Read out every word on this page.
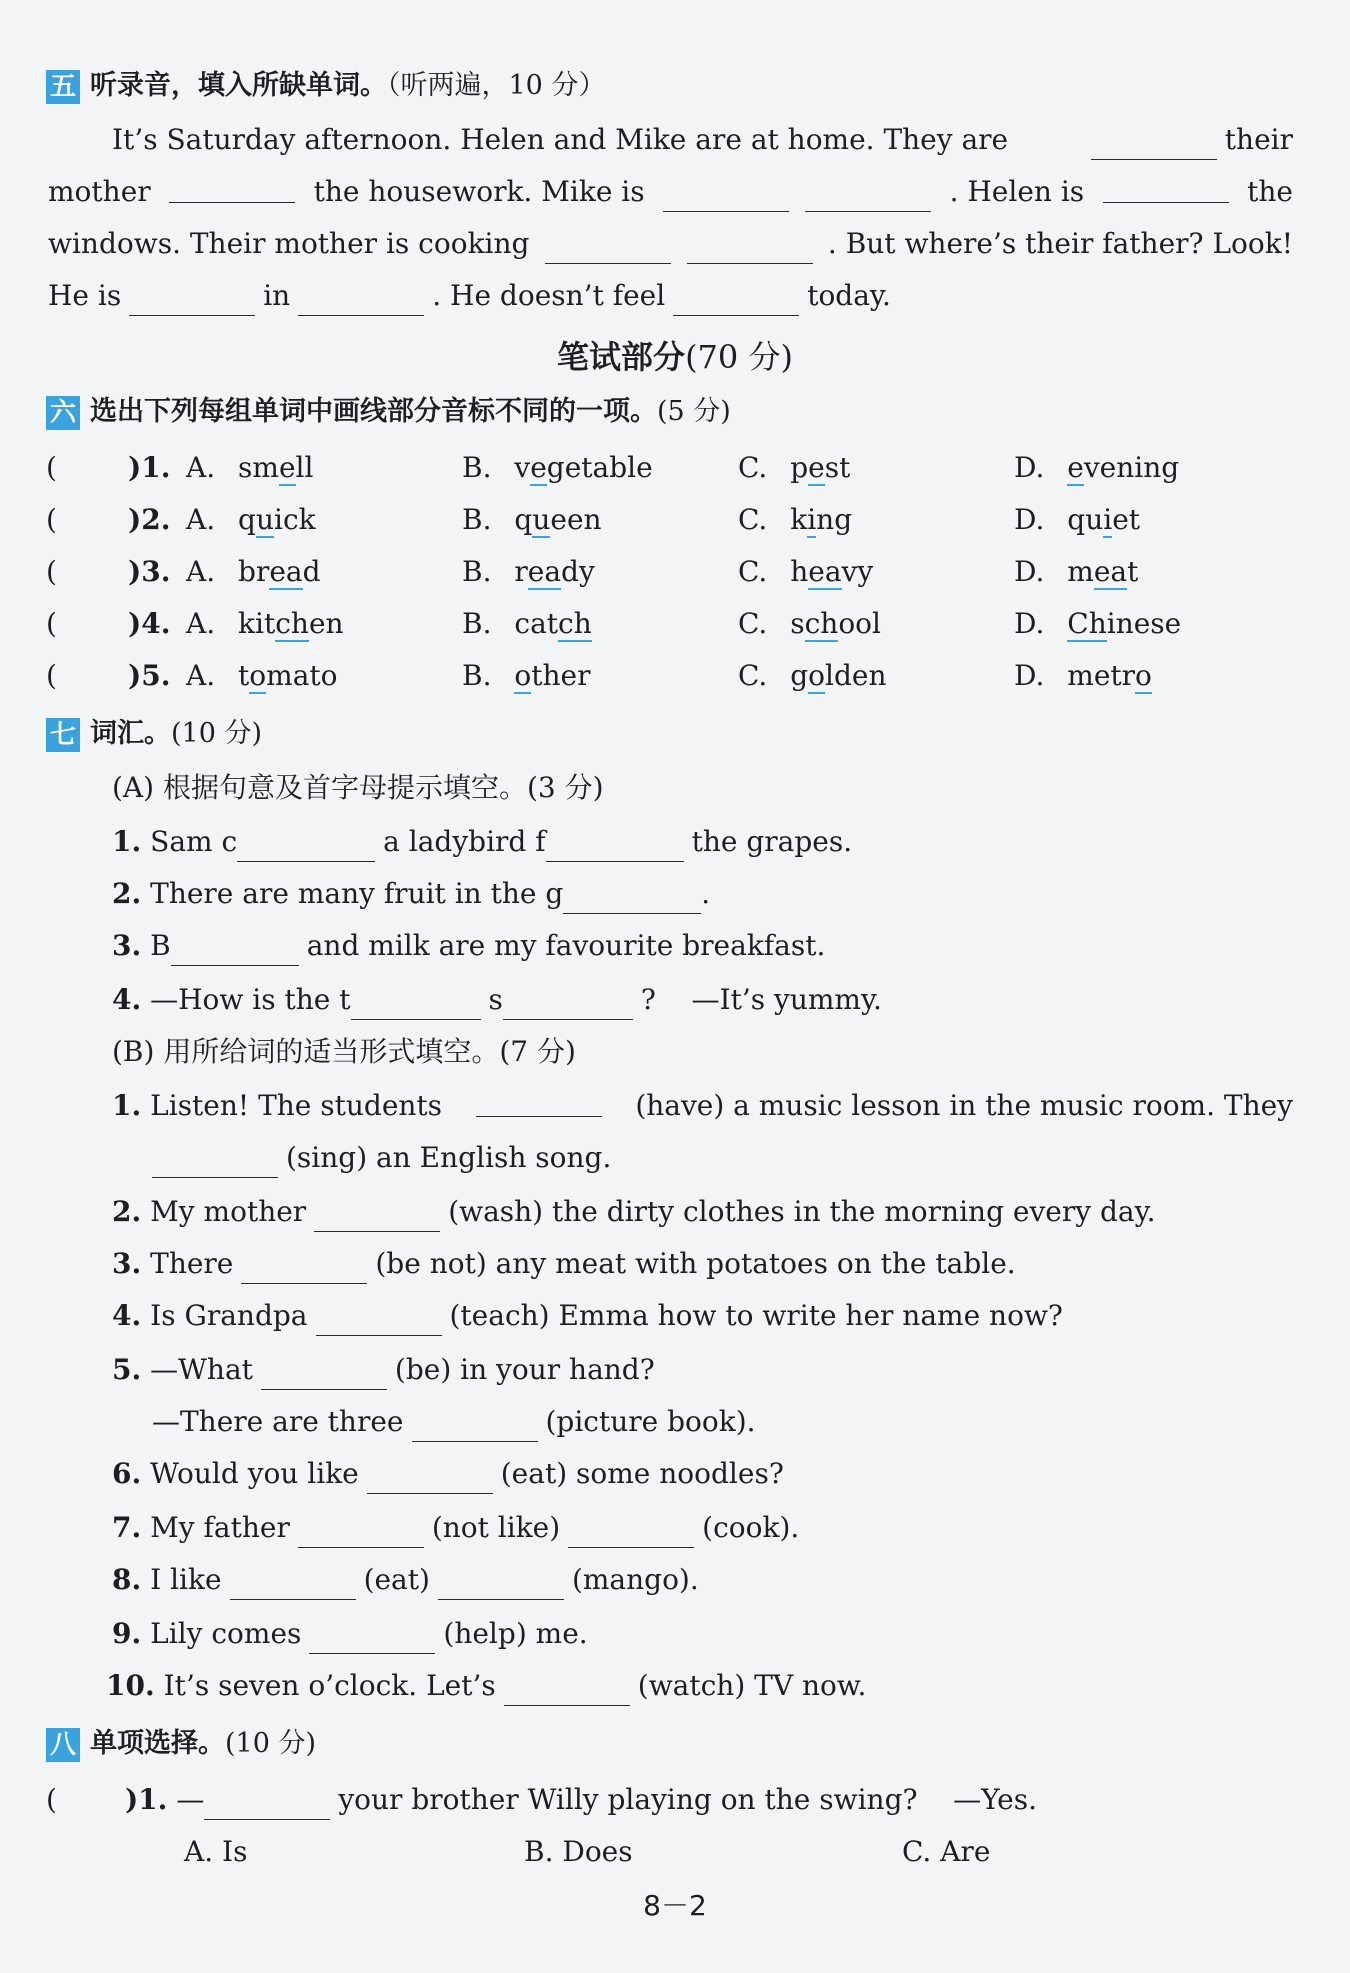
五 听录音，填入所缺单词。（听两遍，10 分）
It’s Saturday afternoon. Helen and Mike are at home. They are	their
mother	the housework. Mike is	. Helen is	the
windows. Their mother is cooking	. But where’s their father? Look!
He is	in	. He doesn’t feel	today.
笔试部分(70 分)
六 选出下列每组单词中画线部分音标不同的一项。(5 分)
(	)1. A. smell	B. vegetable	C. pest	D. evening
(	)2. A. quick	B. queen	C. king	D. quiet
(	)3. A. bread	B. ready	C. heavy	D. meat
(	)4. A. kitchen	B. catch	C. school	D. Chinese
(	)5. A. tomato	B. other	C. golden	D. metro
七 词汇。(10 分)
(A) 根据句意及首字母提示填空。(3 分)
1. Sam c	a ladybird f	the grapes.
2. There are many fruit in the g	.
3. B	and milk are my favourite breakfast.
4. —How is the t	s	? —It’s yummy.
(B) 用所给词的适当形式填空。(7 分)
1. Listen! The students	(have) a music lesson in the music room. They
(sing) an English song.
2. My mother	(wash) the dirty clothes in the morning every day.
3. There	(be not) any meat with potatoes on the table.
4. Is Grandpa	(teach) Emma how to write her name now?
5. —What	(be) in your hand?
—There are three	(picture book).
6. Would you like	(eat) some noodles?
7. My father	(not like)	(cook).
8. I like	(eat)	(mango).
9. Lily comes	(help) me.
10. It’s seven o’clock. Let’s	(watch) TV now.
八 单项选择。(10 分)
( )1. —	your brother Willy playing on the swing? —Yes.
A. Is	B. Does	C. Are
8－2
